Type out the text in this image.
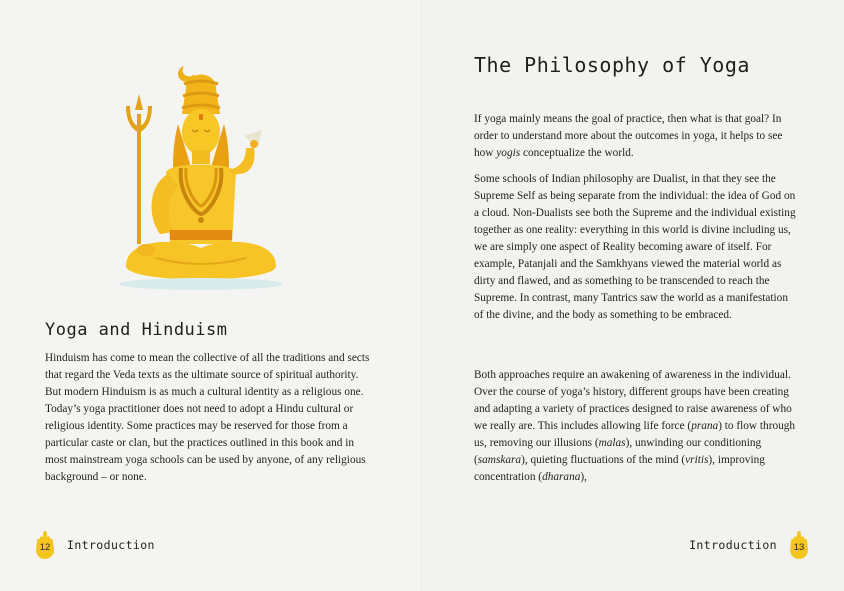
Yoga and Hinduism

Hinduism has come to mean the collective of all the traditions and sects that regard the Veda texts as the ultimate source of spiritual authority. But modern Hinduism is as much a cultural identity as a religious one. Today’s yoga practitioner does not need to adopt a Hindu cultural or religious identity. Some practices may be reserved for those from a particular caste or clan, but the practices outlined in this book and in most mainstream yoga schools can be used by anyone, of any religious background – or none.

12	Introduction
The Philosophy of Yoga

If yoga mainly means the goal of practice, then what is that goal? In order to understand more about the outcomes in yoga, it helps to see how yogis conceptualize the world.

Some schools of Indian philosophy are Dualist, in that they see the Supreme Self as being separate from the individual: the idea of God on a cloud. Non-Dualists see both the Supreme and the individual existing together as one reality: everything in this world is divine including us, we are simply one aspect of Reality becoming aware of itself. For example, Patanjali and the Samkhyans viewed the material world as dirty and flawed, and as something to be transcended to reach the Supreme. In contrast, many Tantrics saw the world as a manifestation of the divine, and the body as something to be embraced.

Both approaches require an awakening of awareness in the individual. Over the course of yoga’s history, different groups have been creating and adapting a variety of practices designed to raise awareness of who we really are. This includes allowing life force (prana) to flow through us, removing our illusions (malas), unwinding our conditioning (samskara), quieting fluctuations of the mind (vritis), improving concentration (dharana),

Introduction	13
